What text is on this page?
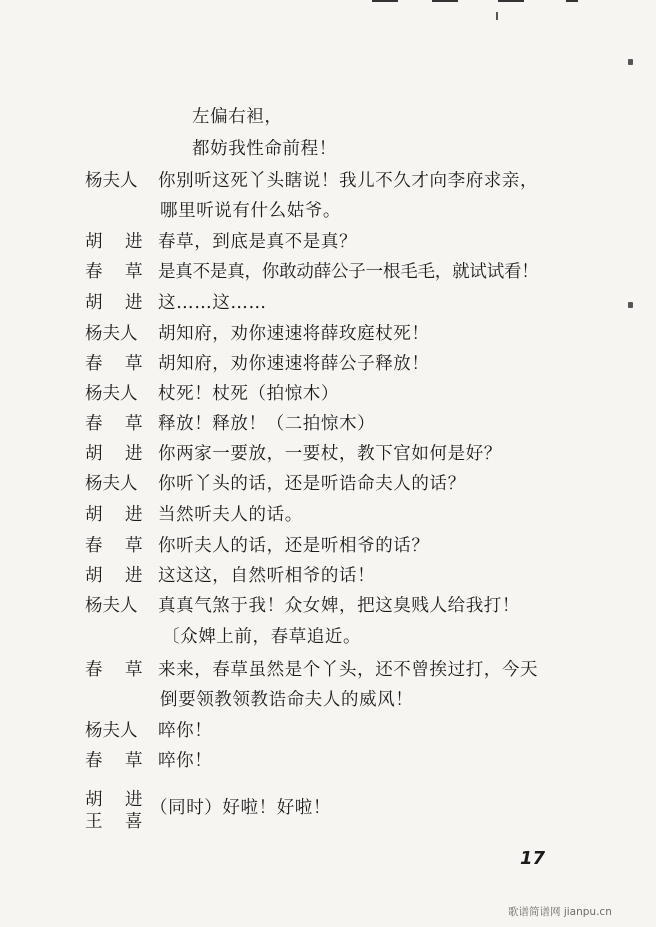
左偏右袒，
都妨我性命前程！
杨夫人 你别听这死丫头瞎说！我儿不久才向李府求亲，
哪里听说有什么姑爷。
胡 进 春草，到底是真不是真？
春 草 是真不是真，你敢动薛公子一根毛毛，就试试看！
胡 进 这……这……
杨夫人 胡知府，劝你速速将薛玫庭杖死！
春 草 胡知府，劝你速速将薛公子释放！
杨夫人 杖死！杖死（拍惊木）
春 草 释放！释放！（二拍惊木）
胡 进 你两家一要放，一要杖，教下官如何是好？
杨夫人 你听丫头的话，还是听诰命夫人的话？
胡 进 当然听夫人的话。
春 草 你听夫人的话，还是听相爷的话？
胡 进 这这这，自然听相爷的话！
杨夫人 真真气煞于我！众女婢，把这臭贱人给我打！
〔众婢上前，春草追近。
春 草 来来，春草虽然是个丫头，还不曾挨过打，今天
倒要领教领教诰命夫人的威风！
杨夫人 啐你！
春 草 啐你！
胡 进
王 喜
（同时）好啦！好啦！
17
歌谱简谱网 jianpu.cn
